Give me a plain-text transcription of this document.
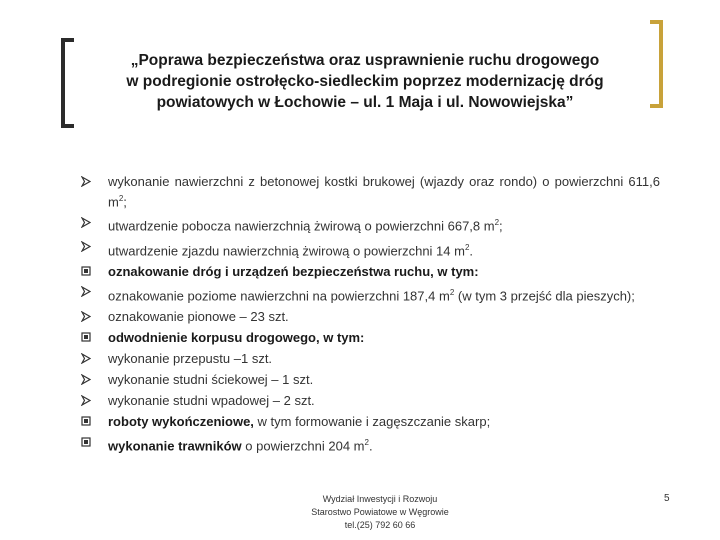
„Poprawa bezpieczeństwa oraz usprawnienie ruchu drogowego
w podregionie ostrołęcko-siedleckim poprzez modernizację dróg
powiatowych w Łochowie – ul. 1 Maja i ul. Nowowiejska”
wykonanie nawierzchni z betonowej kostki brukowej (wjazdy oraz rondo) o powierzchni 611,6 $m^2$;
utwardzenie pobocza nawierzchnią żwirową o powierzchni 667,8 $m^2$;
utwardzenie zjazdu nawierzchnią żwirową o powierzchni 14 $m^2$.
oznakowanie dróg i urządzeń bezpieczeństwa ruchu, w tym:
oznakowanie poziome nawierzchni na powierzchni 187,4 $m^2$ (w tym 3 przejść dla pieszych);
oznakowanie pionowe – 23 szt.
odwodnienie korpusu drogowego, w tym:
wykonanie przepustu –1 szt.
wykonanie studni ściekowej – 1 szt.
wykonanie studni wpadowej – 2 szt.
roboty wykończeniowe, w tym formowanie i zagęszczanie skarp;
wykonanie trawników o powierzchni 204 $m^2$.
Wydział Inwestycji i Rozwoju
Starostwo Powiatowe w Węgrowie
tel.(25) 792 60 66
5
